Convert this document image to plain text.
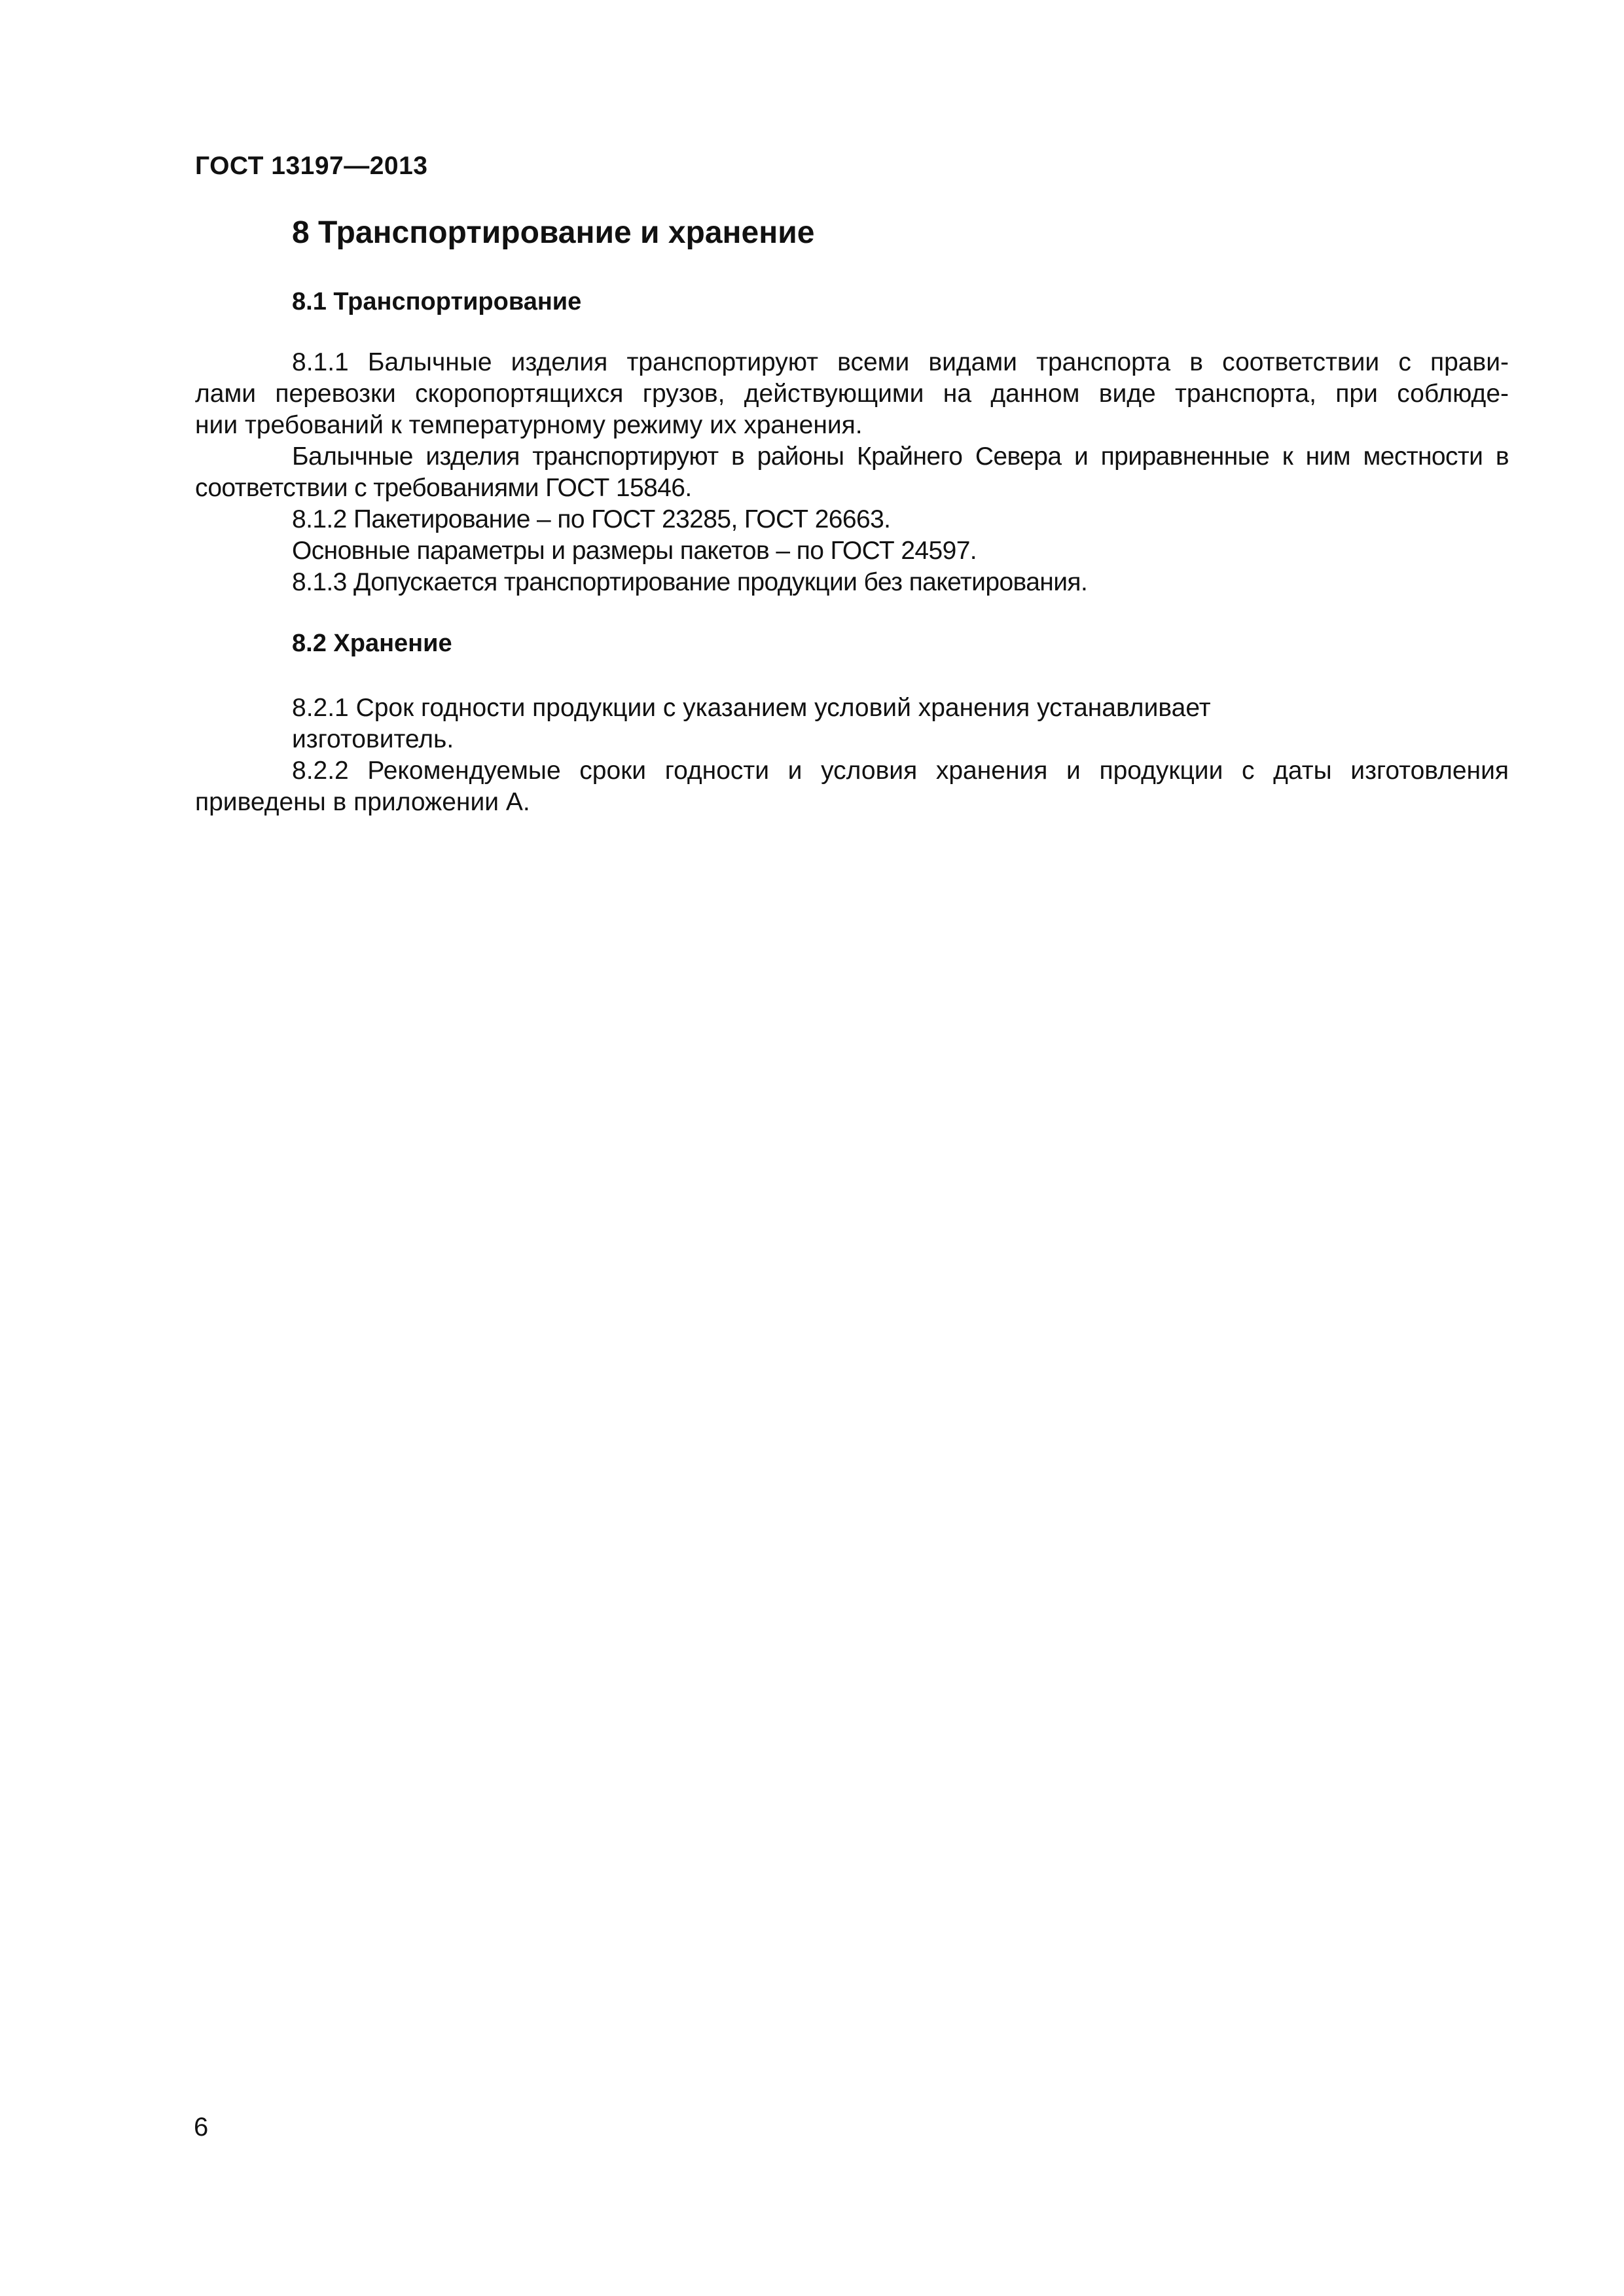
ГОСТ 13197—2013
8 Транспортирование и хранение
8.1 Транспортирование
8.1.1 Балычные изделия транспортируют всеми видами транспорта в соответствии с прави-
лами перевозки скоропортящихся грузов, действующими на данном виде транспорта, при соблюде-
нии требований к температурному режиму их хранения.
Балычные изделия транспортируют в районы Крайнего Севера и приравненные к ним местности в
соответствии с требованиями ГОСТ 15846.
8.1.2 Пакетирование – по ГОСТ 23285, ГОСТ 26663.
Основные параметры и размеры пакетов – по ГОСТ 24597.
8.1.3 Допускается транспортирование продукции без пакетирования.
8.2 Хранение
8.2.1 Срок годности продукции с указанием условий хранения устанавливает
изготовитель.
8.2.2 Рекомендуемые сроки годности и условия хранения и продукции с даты изготовления
приведены в приложении А.
6
